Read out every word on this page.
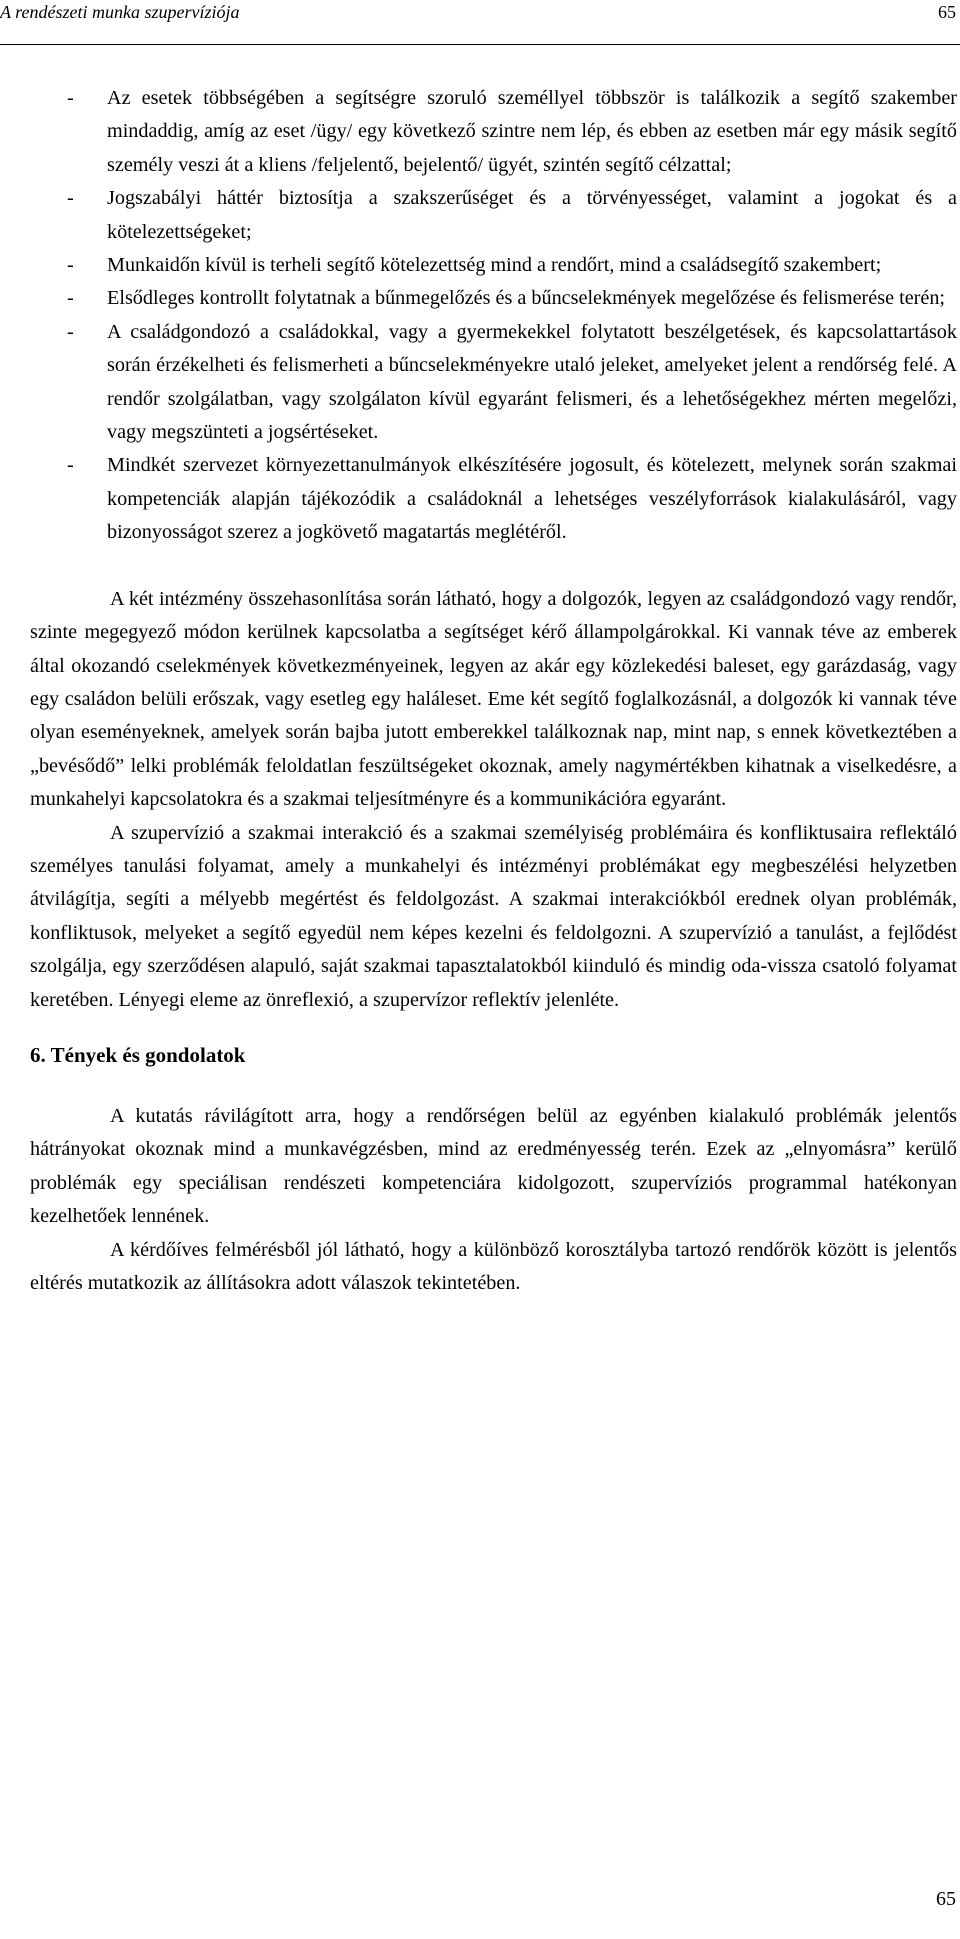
A rendészeti munka szupervíziója	65
- Az esetek többségében a segítségre szoruló személlyel többször is találkozik a segítő szakember mindaddig, amíg az eset /ügy/ egy következő szintre nem lép, és ebben az esetben már egy másik segítő személy veszi át a kliens /feljelentő, bejelentő/ ügyét, szintén segítő célzattal;
- Jogszabályi háttér biztosítja a szakszerűséget és a törvényességet, valamint a jogokat és a kötelezettségeket;
- Munkaidőn kívül is terheli segítő kötelezettség mind a rendőrt, mind a családsegítő szakembert;
- Elsődleges kontrollt folytatnak a bűnmegelőzés és a bűncselekmények megelőzése és felismerése terén;
- A családgondozó a családokkal, vagy a gyermekekkel folytatott beszélgetések, és kapcsolattartások során érzékelheti és felismerheti a bűncselekményekre utaló jeleket, amelyeket jelent a rendőrség felé. A rendőr szolgálatban, vagy szolgálaton kívül egyaránt felismeri, és a lehetőségekhez mérten megelőzi, vagy megszünteti a jogsértéseket.
- Mindkét szervezet környezettanulmányok elkészítésére jogosult, és kötelezett, melynek során szakmai kompetenciák alapján tájékozódik a családoknál a lehetséges veszélyforrások kialakulásáról, vagy bizonyosságot szerez a jogkövető magatartás meglétéről.

A két intézmény összehasonlítása során látható, hogy a dolgozók, legyen az családgondozó vagy rendőr, szinte megegyező módon kerülnek kapcsolatba a segítséget kérő állampolgárokkal. Ki vannak téve az emberek által okozandó cselekmények következményeinek, legyen az akár egy közlekedési baleset, egy garázdaság, vagy egy családon belüli erőszak, vagy esetleg egy haláleset. Eme két segítő foglalkozásnál, a dolgozók ki vannak téve olyan eseményeknek, amelyek során bajba jutott emberekkel találkoznak nap, mint nap, s ennek következtében a „bevésődő” lelki problémák feloldatlan feszültségeket okoznak, amely nagymértékben kihatnak a viselkedésre, a munkahelyi kapcsolatokra és a szakmai teljesítményre és a kommunikációra egyaránt.

A szupervízió a szakmai interakció és a szakmai személyiség problémáira és konfliktusaira reflektáló személyes tanulási folyamat, amely a munkahelyi és intézményi problémákat egy megbeszélési helyzetben átvilágítja, segíti a mélyebb megértést és feldolgozást. A szakmai interakciókból erednek olyan problémák, konfliktusok, melyeket a segítő egyedül nem képes kezelni és feldolgozni. A szupervízió a tanulást, a fejlődést szolgálja, egy szerződésen alapuló, saját szakmai tapasztalatokból kiinduló és mindig oda-vissza csatoló folyamat keretében. Lényegi eleme az önreflexió, a szupervízor reflektív jelenléte.

6. Tények és gondolatok

A kutatás rávilágított arra, hogy a rendőrségen belül az egyénben kialakuló problémák jelentős hátrányokat okoznak mind a munkavégzésben, mind az eredményesség terén. Ezek az „elnyomásra” kerülő problémák egy speciálisan rendészeti kompetenciára kidolgozott, szupervíziós programmal hatékonyan kezelhetőek lennének.

A kérdőíves felmérésből jól látható, hogy a különböző korosztályba tartozó rendőrök között is jelentős eltérés mutatkozik az állításokra adott válaszok tekintetében.

65
